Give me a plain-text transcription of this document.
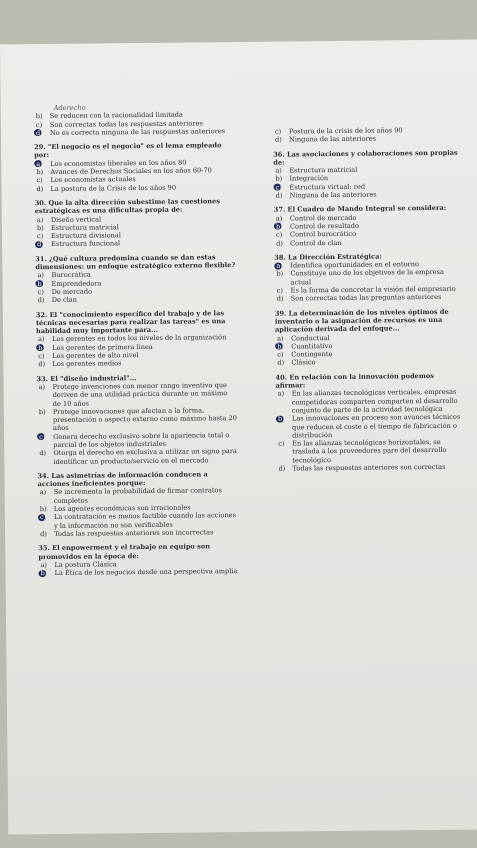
Aderecho
b) Se reducen con la racionalidad limitada
c) Son correctas todas las respuestas anteriores
d) No es correcta ninguna de las respuestas anteriores
29. "El negocio es el negocio" es el lema empleado por:
a) Los economistas liberales en los años 80
b) Avances de Derechos Sociales en los años 60-70
c) Los economistas actuales
d) La postura de la Crisis de los años 90
30. Que la alta dirección subestime las cuestiones estratégicas es una dificultas propia de:
a) Diseño vertical
b) Estructura matricial
c) Estructura divisional
d) Estructura funcional
31. ¿Qué cultura predomina cuando se dan estas dimensiones: un enfoque estratégico externo flexible?
a) Burocrática
b) Emprendedora
c) De mercado
d) De clan
32. El "conocimiento específico del trabajo y de las técnicas necesarias para realizar las tareas" es una habilidad muy importante para...
a) Los gerentes en todos los niveles de la organización
b) Los gerentes de primera línea
c) Los gerentes de alto nivel
d) Los gerentes medios
33. El "diseño industrial"...
a) Protege invenciones con menor rango inventivo que deriven de una utilidad práctica durante un máximo de 10 años
b) Protege innovaciones que afectan a la forma, presentación o aspecto externo como máximo hasta 20 años
c) Genera derecho exclusivo sobre la apariencia total o parcial de los objetos industriales
d) Otorga el derecho en exclusiva a utilizar un signo para identificar un producto/servicio en el mercado
34. Las asimetrías de información conducen a acciones ineficientes porque:
a) Se incrementa la probabilidad de firmar contratos completos
b) Los agentes económicas son irracionales
c) La contratación es menos factible cuando las acciones y la información no son verificables
d) Todas las respuestas anteriores son incorrectas
35. El enpowerment y el trabajo en equipo son promovidos en la época de:
a) La postura Clásica
b) La Ética de los negocios desde una perspectiva amplia
c) Postura de la crisis de los años 90
d) Ninguna de las anteriores
36. Las asociaciones y colaboraciones son propias de:
a) Estructura matricial
b) Integración
c) Estructura virtual: red
d) Ninguna de las anteriores
37. El Cuadro de Mando Integral se considera:
a) Control de mercado
b) Control de resultado
c) Control burocrático
d) Control de clan
38. La Dirección Estratégica:
a) Identifica oportunidades en el entorno
b) Constituye uno de los objetivos de la empresa actual
c) Es la forma de concretar la visión del empresario
d) Son correctas todas las preguntas anteriores
39. La determinación de los niveles óptimos de inventario o la asignación de recursos es una aplicación derivada del enfoque...
a) Conductual
b) Cuantitativo
c) Contingente
d) Clásico
40. En relación con la innovación podemos afirmar:
a) En las alianzas tecnológicas verticales, empresas competidoras comparten comparten el desarrollo conjunto de parte de la actividad tecnológica
b) Las innovaciones en proceso son avances técnicos que reducen el coste o el tiempo de fabricación o distribución
c) En las alianzas tecnológicas horizontales, se traslada a los proveedores pare del desarrollo tecnológico
d) Todas las respuestas anteriores son correctas
